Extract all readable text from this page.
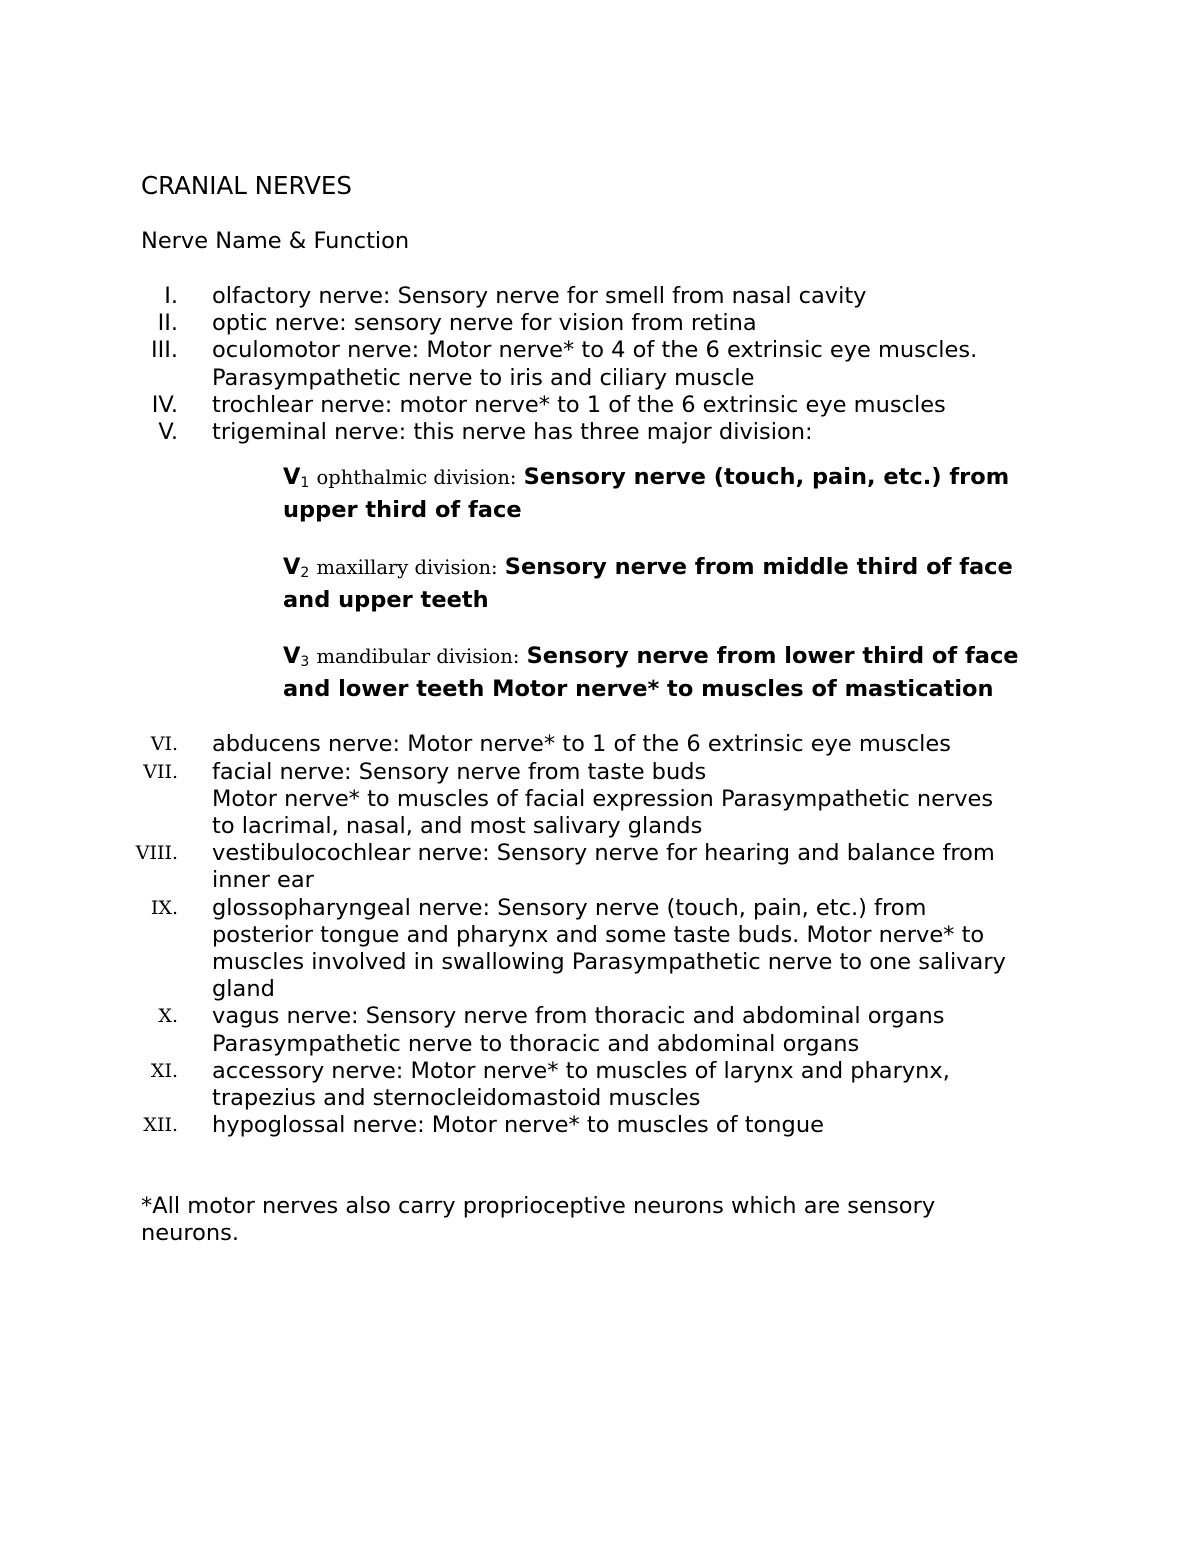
CRANIAL NERVES
Nerve Name & Function
I. olfactory nerve: Sensory nerve for smell from nasal cavity
II. optic nerve: sensory nerve for vision from retina
III. oculomotor nerve: Motor nerve* to 4 of the 6 extrinsic eye muscles.
Parasympathetic nerve to iris and ciliary muscle
IV. trochlear nerve: motor nerve* to 1 of the 6 extrinsic eye muscles
V. trigeminal nerve: this nerve has three major division:
$V_1$ ophthalmic division: Sensory nerve (touch, pain, etc.) from
upper third of face
$V_2$ maxillary division: Sensory nerve from middle third of face
and upper teeth
$V_3$ mandibular division: Sensory nerve from lower third of face
and lower teeth Motor nerve* to muscles of mastication
VI. abducens nerve: Motor nerve* to 1 of the 6 extrinsic eye muscles
VII. facial nerve: Sensory nerve from taste buds
Motor nerve* to muscles of facial expression Parasympathetic nerves
to lacrimal, nasal, and most salivary glands
VIII. vestibulocochlear nerve: Sensory nerve for hearing and balance from
inner ear
IX. glossopharyngeal nerve: Sensory nerve (touch, pain, etc.) from
posterior tongue and pharynx and some taste buds. Motor nerve* to
muscles involved in swallowing Parasympathetic nerve to one salivary
gland
X. vagus nerve: Sensory nerve from thoracic and abdominal organs
Parasympathetic nerve to thoracic and abdominal organs
XI. accessory nerve: Motor nerve* to muscles of larynx and pharynx,
trapezius and sternocleidomastoid muscles
XII. hypoglossal nerve: Motor nerve* to muscles of tongue
*All motor nerves also carry proprioceptive neurons which are sensory
neurons.
